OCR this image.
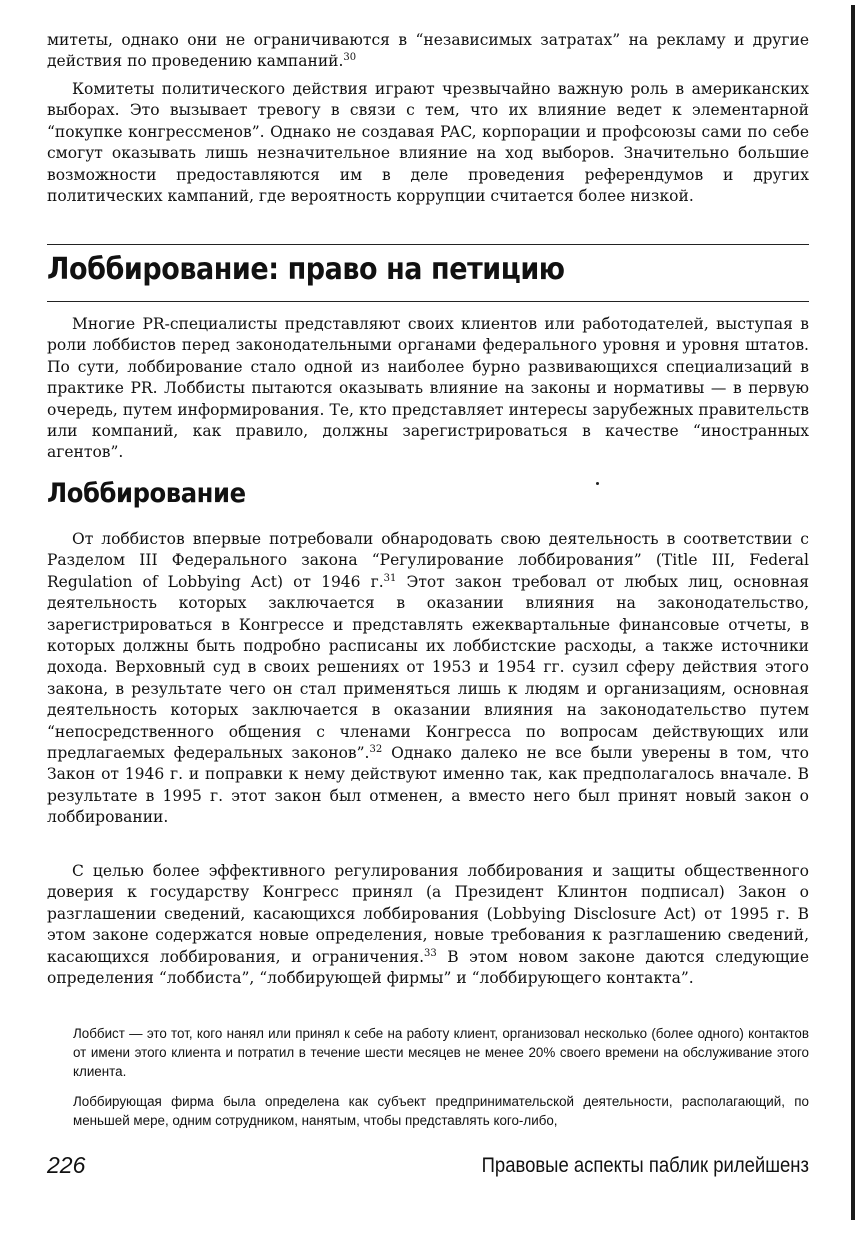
митеты, однако они не ограничиваются в “независимых затратах” на рекламу и другие действия по проведению кампаний.$^{30}$

Комитеты политического действия играют чрезвычайно важную роль в американских выборах. Это вызывает тревогу в связи с тем, что их влияние ведет к элементарной “покупке конгрессменов”. Однако не создавая PAC, корпорации и профсоюзы сами по себе смогут оказывать лишь незначительное влияние на ход выборов. Значительно большие возможности предоставляются им в деле проведения референдумов и других политических кампаний, где вероятность коррупции считается более низкой.

Лоббирование: право на петицию

Многие PR-специалисты представляют своих клиентов или работодателей, выступая в роли лоббистов перед законодательными органами федерального уровня и уровня штатов. По сути, лоббирование стало одной из наиболее бурно развивающихся специализаций в практике PR. Лоббисты пытаются оказывать влияние на законы и нормативы — в первую очередь, путем информирования. Те, кто представляет интересы зарубежных правительств или компаний, как правило, должны зарегистрироваться в качестве “иностранных агентов”.

Лоббирование

От лоббистов впервые потребовали обнародовать свою деятельность в соответствии с Разделом III Федерального закона “Регулирование лоббирования” (Title III, Federal Regulation of Lobbying Act) от 1946 г.$^{31}$ Этот закон требовал от любых лиц, основная деятельность которых заключается в оказании влияния на законодательство, зарегистрироваться в Конгрессе и представлять ежеквартальные финансовые отчеты, в которых должны быть подробно расписаны их лоббистские расходы, а также источники дохода. Верховный суд в своих решениях от 1953 и 1954 гг. сузил сферу действия этого закона, в результате чего он стал применяться лишь к людям и организациям, основная деятельность которых заключается в оказании влияния на законодательство путем “непосредственного общения с членами Конгресса по вопросам действующих или предлагаемых федеральных законов”.$^{32}$ Однако далеко не все были уверены в том, что Закон от 1946 г. и поправки к нему действуют именно так, как предполагалось вначале. В результате в 1995 г. этот закон был отменен, а вместо него был принят новый закон о лоббировании.

С целью более эффективного регулирования лоббирования и защиты общественного доверия к государству Конгресс принял (а Президент Клинтон подписал) Закон о разглашении сведений, касающихся лоббирования (Lobbying Disclosure Act) от 1995 г. В этом законе содержатся новые определения, новые требования к разглашению сведений, касающихся лоббирования, и ограничения.$^{33}$ В этом новом законе даются следующие определения “лоббиста”, “лоббирующей фирмы” и “лоббирующего контакта”.

Лоббист — это тот, кого нанял или принял к себе на работу клиент, организовал несколько (более одного) контактов от имени этого клиента и потратил в течение шести месяцев не менее 20% своего времени на обслуживание этого клиента.

Лоббирующая фирма была определена как субъект предпринимательской деятельности, располагающий, по меньшей мере, одним сотрудником, нанятым, чтобы представлять кого-либо,

226	Правовые аспекты паблик рилейшенз
